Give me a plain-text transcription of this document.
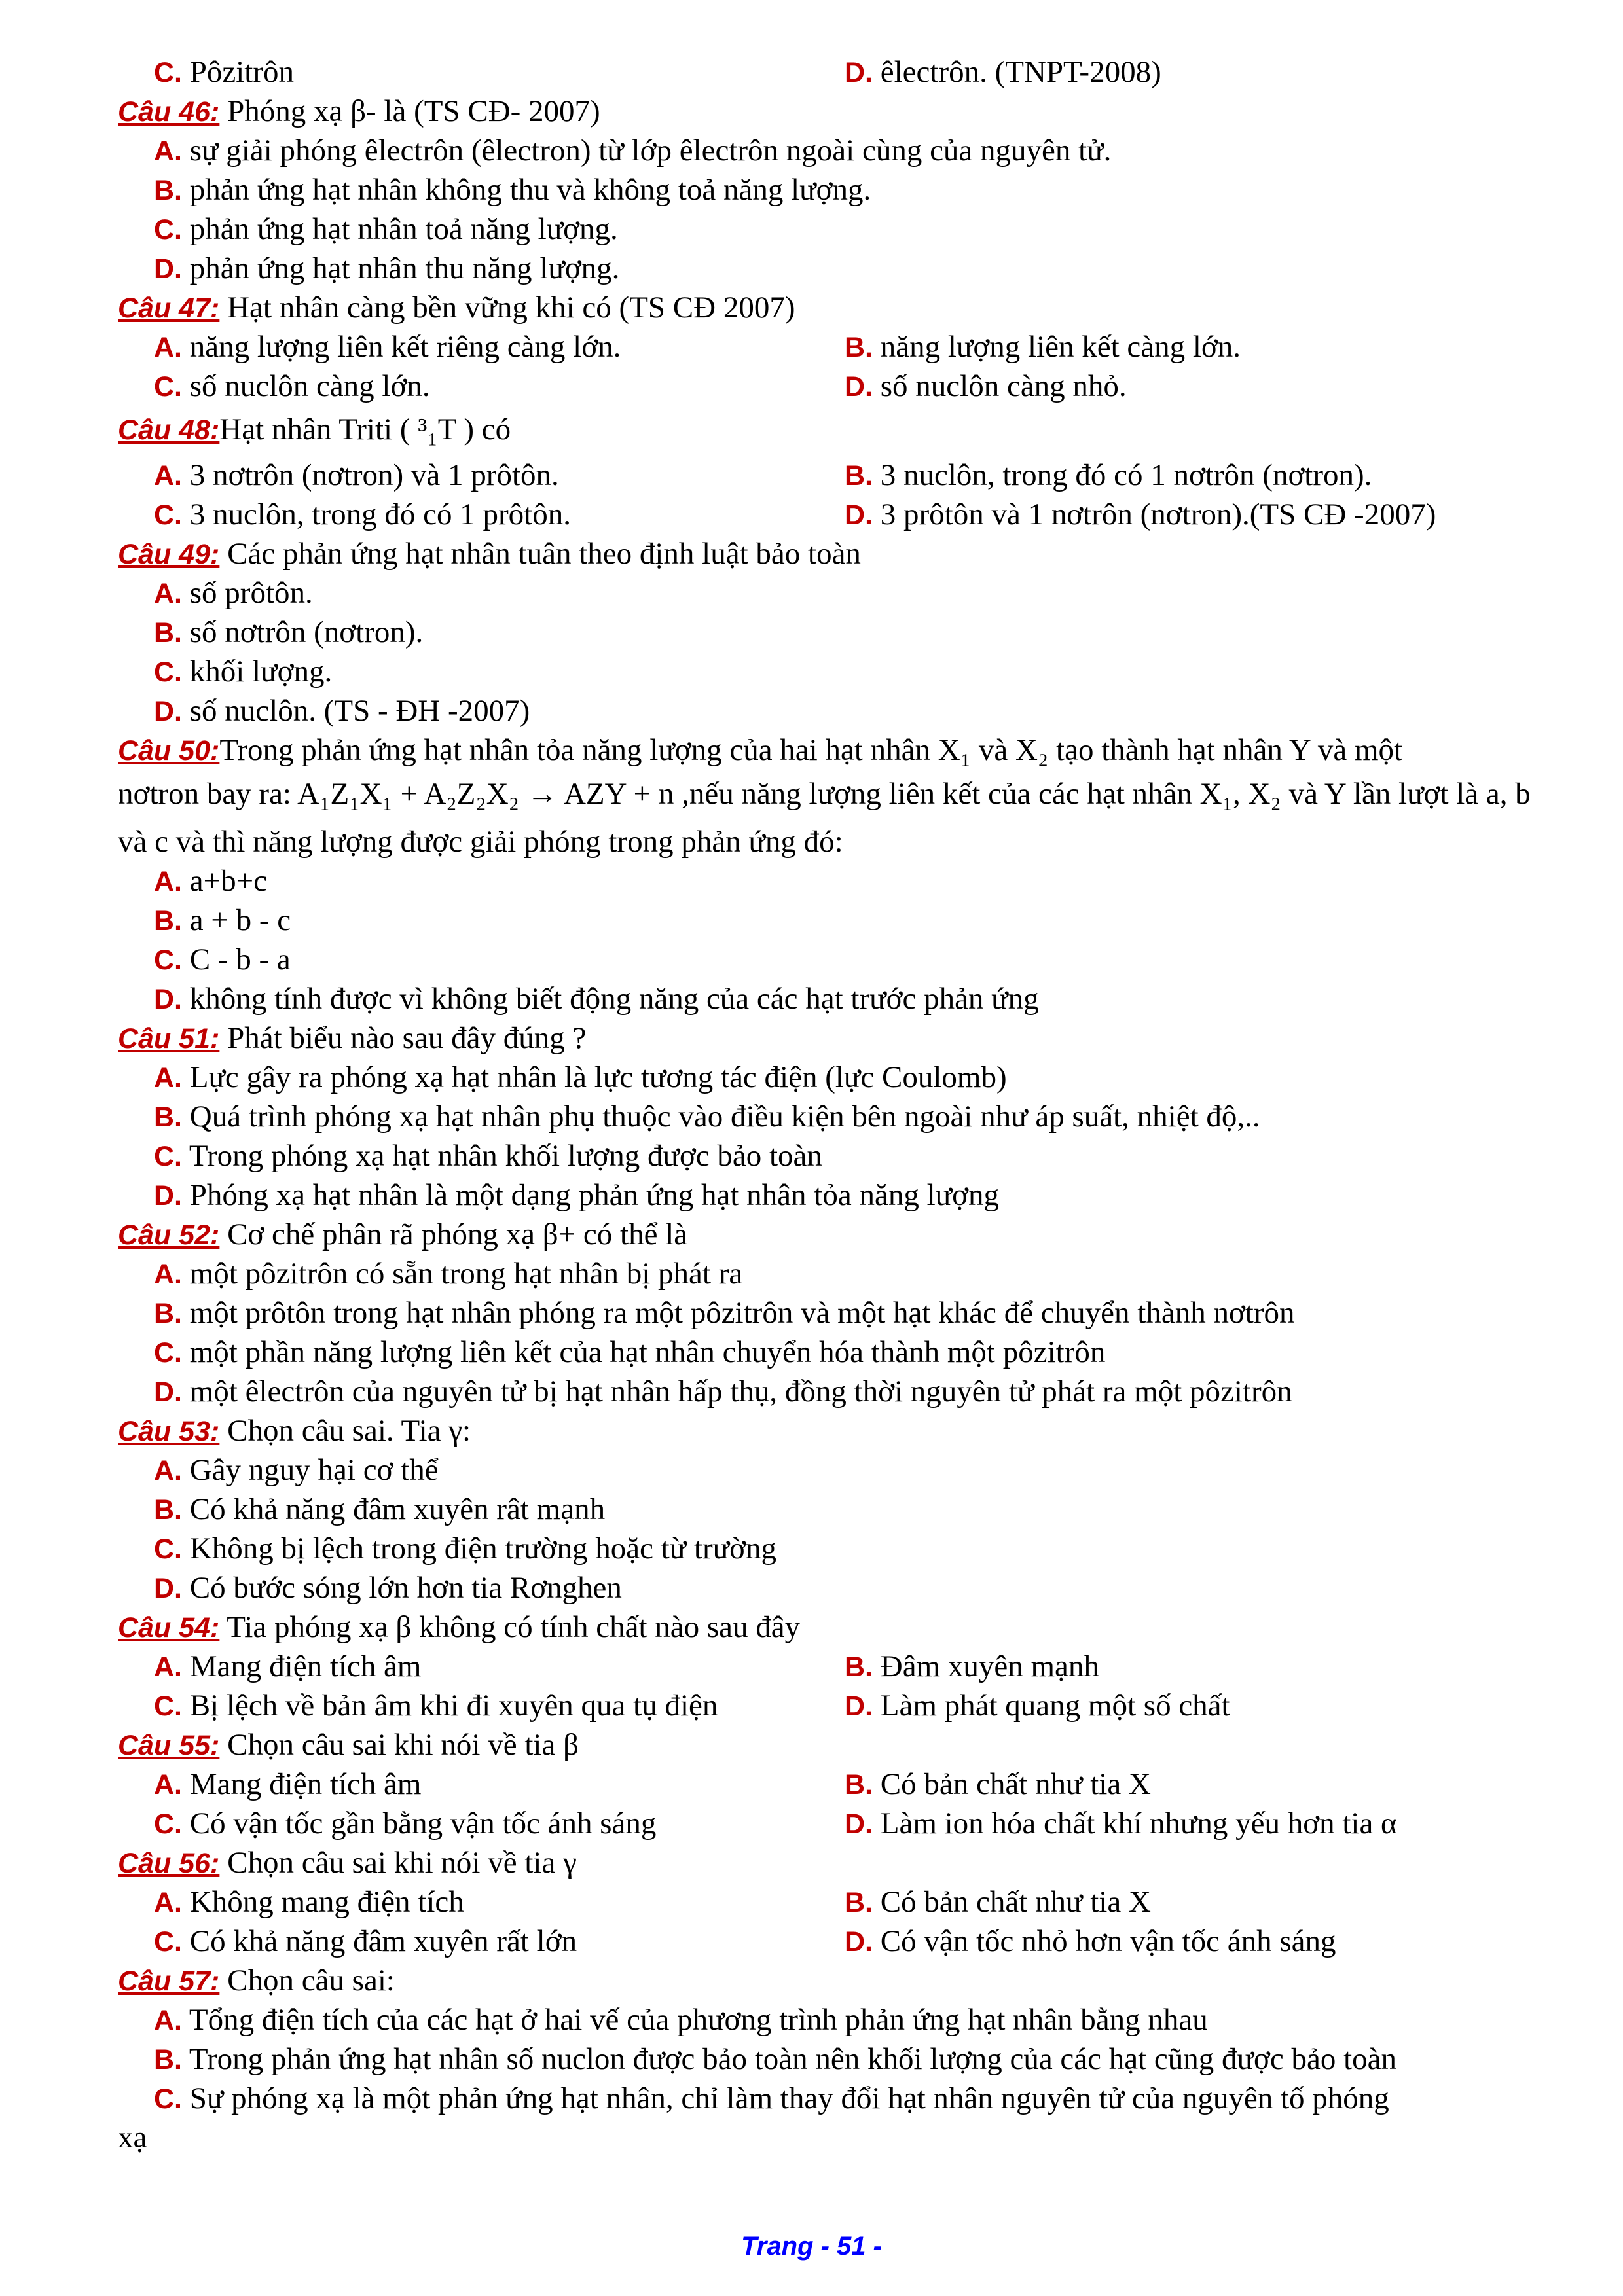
C. Pôzitrôn	D. êlectrôn. (TNPT-2008)
Câu 46: Phóng xạ β- là (TS CĐ- 2007)
A. sự giải phóng êlectrôn (êlectron) từ lớp êlectrôn ngoài cùng của nguyên tử.
B. phản ứng hạt nhân không thu và không toả năng lượng.
C. phản ứng hạt nhân toả năng lượng.
D. phản ứng hạt nhân thu năng lượng.
Câu 47: Hạt nhân càng bền vững khi có (TS CĐ 2007)
A. năng lượng liên kết riêng càng lớn.	B. năng lượng liên kết càng lớn.
C. số nuclôn càng lớn.	D. số nuclôn càng nhỏ.
Câu 48:Hạt nhân Triti ( ³₁T ) có
A. 3 nơtrôn (nơtron) và 1 prôtôn.	B. 3 nuclôn, trong đó có 1 nơtrôn (nơtron).
C. 3 nuclôn, trong đó có 1 prôtôn.	D. 3 prôtôn và 1 nơtrôn (nơtron).(TS CĐ -2007)
Câu 49: Các phản ứng hạt nhân tuân theo định luật bảo toàn
A. số prôtôn.
B. số nơtrôn (nơtron).
C. khối lượng.
D. số nuclôn. (TS - ĐH -2007)
Câu 50:Trong phản ứng hạt nhân tỏa năng lượng của hai hạt nhân X₁ và X₂ tạo thành hạt nhân Y và một
nơtron bay ra: A₁Z₁X₁ + A₂Z₂X₂ → AZY + n ,nếu năng lượng liên kết của các hạt nhân X₁, X₂ và Y lần lượt là a, b
và c và thì năng lượng được giải phóng trong phản ứng đó:
A. a+b+c
B. a + b - c
C. C - b - a
D. không tính được vì không biết động năng của các hạt trước phản ứng
Câu 51: Phát biểu nào sau đây đúng ?
A. Lực gây ra phóng xạ hạt nhân là lực tương tác điện (lực Coulomb)
B. Quá trình phóng xạ hạt nhân phụ thuộc vào điều kiện bên ngoài như áp suất, nhiệt độ,..
C. Trong phóng xạ hạt nhân khối lượng được bảo toàn
D. Phóng xạ hạt nhân là một dạng phản ứng hạt nhân tỏa năng lượng
Câu 52: Cơ chế phân rã phóng xạ β+ có thể là
A. một pôzitrôn có sẵn trong hạt nhân bị phát ra
B. một prôtôn trong hạt nhân phóng ra một pôzitrôn và một hạt khác để chuyển thành nơtrôn
C. một phần năng lượng liên kết của hạt nhân chuyển hóa thành một pôzitrôn
D. một êlectrôn của nguyên tử bị hạt nhân hấp thụ, đồng thời nguyên tử phát ra một pôzitrôn
Câu 53: Chọn câu sai. Tia γ:
A. Gây nguy hại cơ thể
B. Có khả năng đâm xuyên rât mạnh
C. Không bị lệch trong điện trường hoặc từ trường
D. Có bước sóng lớn hơn tia Rơnghen
Câu 54: Tia phóng xạ β không có tính chất nào sau đây
A. Mang điện tích âm	B. Đâm xuyên mạnh
C. Bị lệch về bản âm khi đi xuyên qua tụ điện	D. Làm phát quang một số chất
Câu 55: Chọn câu sai khi nói về tia β
A. Mang điện tích âm	B. Có bản chất như tia X
C. Có vận tốc gần bằng vận tốc ánh sáng	D. Làm ion hóa chất khí nhưng yếu hơn tia α
Câu 56: Chọn câu sai khi nói về tia γ
A. Không mang điện tích	B. Có bản chất như tia X
C. Có khả năng đâm xuyên rất lớn	D. Có vận tốc nhỏ hơn vận tốc ánh sáng
Câu 57: Chọn câu sai:
A. Tổng điện tích của các hạt ở hai vế của phương trình phản ứng hạt nhân bằng nhau
B. Trong phản ứng hạt nhân số nuclon được bảo toàn nên khối lượng của các hạt cũng được bảo toàn
C. Sự phóng xạ là một phản ứng hạt nhân, chỉ làm thay đổi hạt nhân nguyên tử của nguyên tố phóng
xạ
Trang - 51 -
